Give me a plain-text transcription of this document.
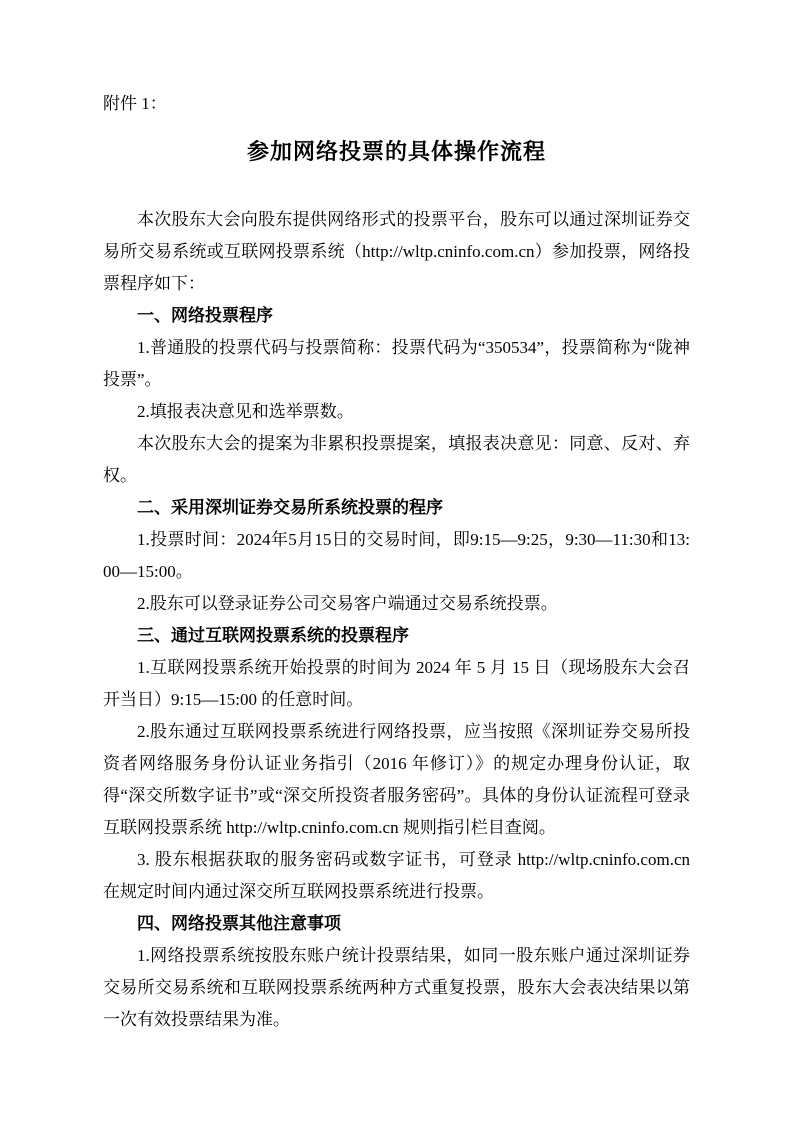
附件 1：
参加网络投票的具体操作流程

本次股东大会向股东提供网络形式的投票平台，股东可以通过深圳证券交易所交易系统或互联网投票系统（http://wltp.cninfo.com.cn）参加投票，网络投票程序如下：

一、网络投票程序

1.普通股的投票代码与投票简称：投票代码为“350534”，投票简称为“陇神投票”。

2.填报表决意见和选举票数。

本次股东大会的提案为非累积投票提案，填报表决意见：同意、反对、弃权。

二、采用深圳证券交易所系统投票的程序

1.投票时间：2024年5月15日的交易时间，即9:15—9:25，9:30—11:30和13:00—15:00。

2.股东可以登录证券公司交易客户端通过交易系统投票。

三、通过互联网投票系统的投票程序

1.互联网投票系统开始投票的时间为 2024 年 5 月 15 日（现场股东大会召开当日）9:15—15:00 的任意时间。

2.股东通过互联网投票系统进行网络投票，应当按照《深圳证券交易所投资者网络服务身份认证业务指引（2016 年修订）》的规定办理身份认证，取得“深交所数字证书”或“深交所投资者服务密码”。具体的身份认证流程可登录互联网投票系统 http://wltp.cninfo.com.cn 规则指引栏目查阅。

3. 股东根据获取的服务密码或数字证书，可登录 http://wltp.cninfo.com.cn 在规定时间内通过深交所互联网投票系统进行投票。

四、网络投票其他注意事项

1.网络投票系统按股东账户统计投票结果，如同一股东账户通过深圳证券交易所交易系统和互联网投票系统两种方式重复投票，股东大会表决结果以第一次有效投票结果为准。
